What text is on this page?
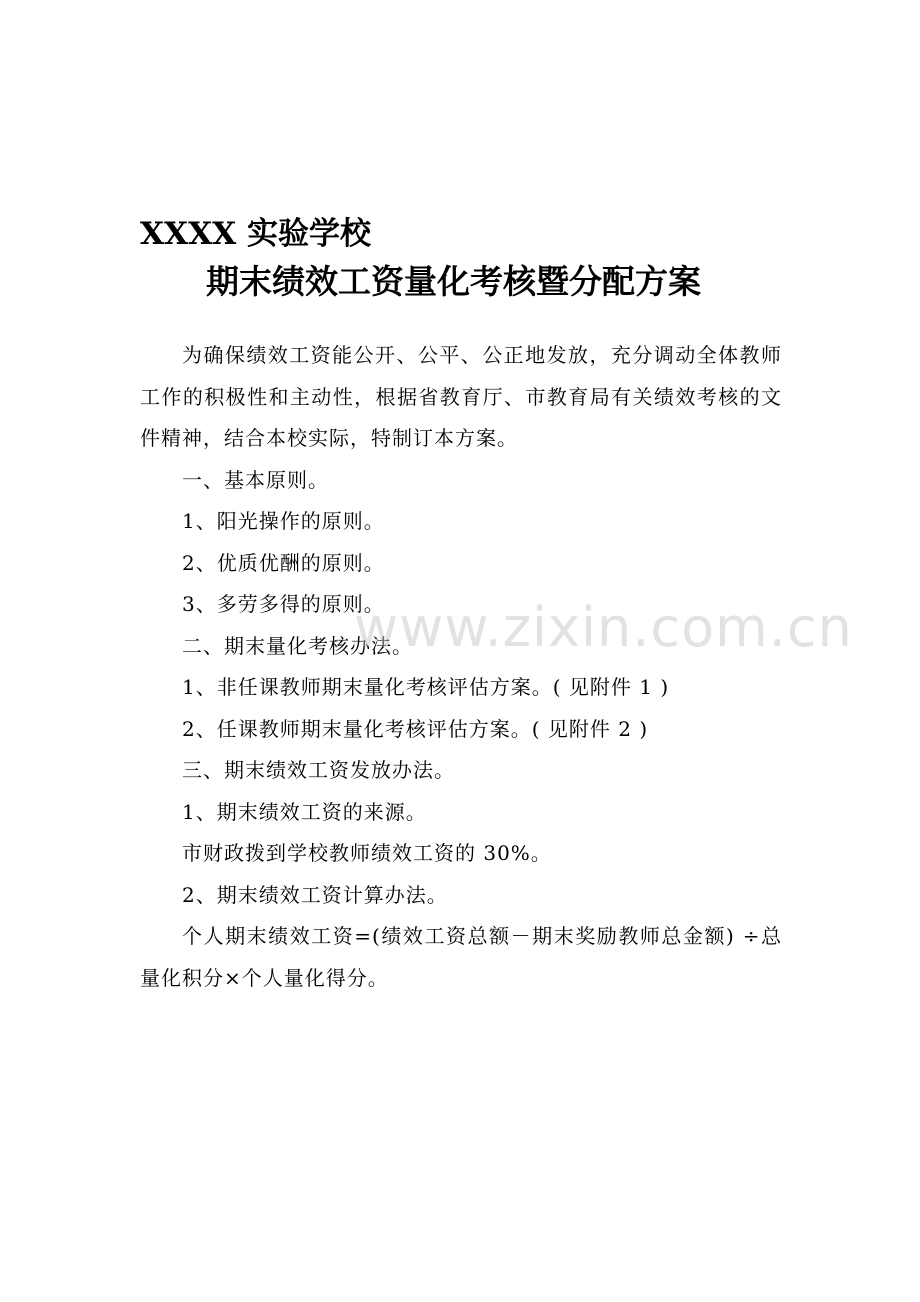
XXXX 实验学校
期末绩效工资量化考核暨分配方案

为确保绩效工资能公开、公平、公正地发放，充分调动全体教师工作的积极性和主动性，根据省教育厅、市教育局有关绩效考核的文件精神，结合本校实际，特制订本方案。

一、基本原则。

1、阳光操作的原则。

2、优质优酬的原则。

3、多劳多得的原则。

二、期末量化考核办法。

1、非任课教师期末量化考核评估方案。( 见附件 1 )

2、任课教师期末量化考核评估方案。( 见附件 2 )

三、期末绩效工资发放办法。

1、期末绩效工资的来源。

市财政拨到学校教师绩效工资的 30%。

2、期末绩效工资计算办法。

个人期末绩效工资=(绩效工资总额－期末奖励教师总金额) ÷总量化积分×个人量化得分。

www.zixin.com.cn
